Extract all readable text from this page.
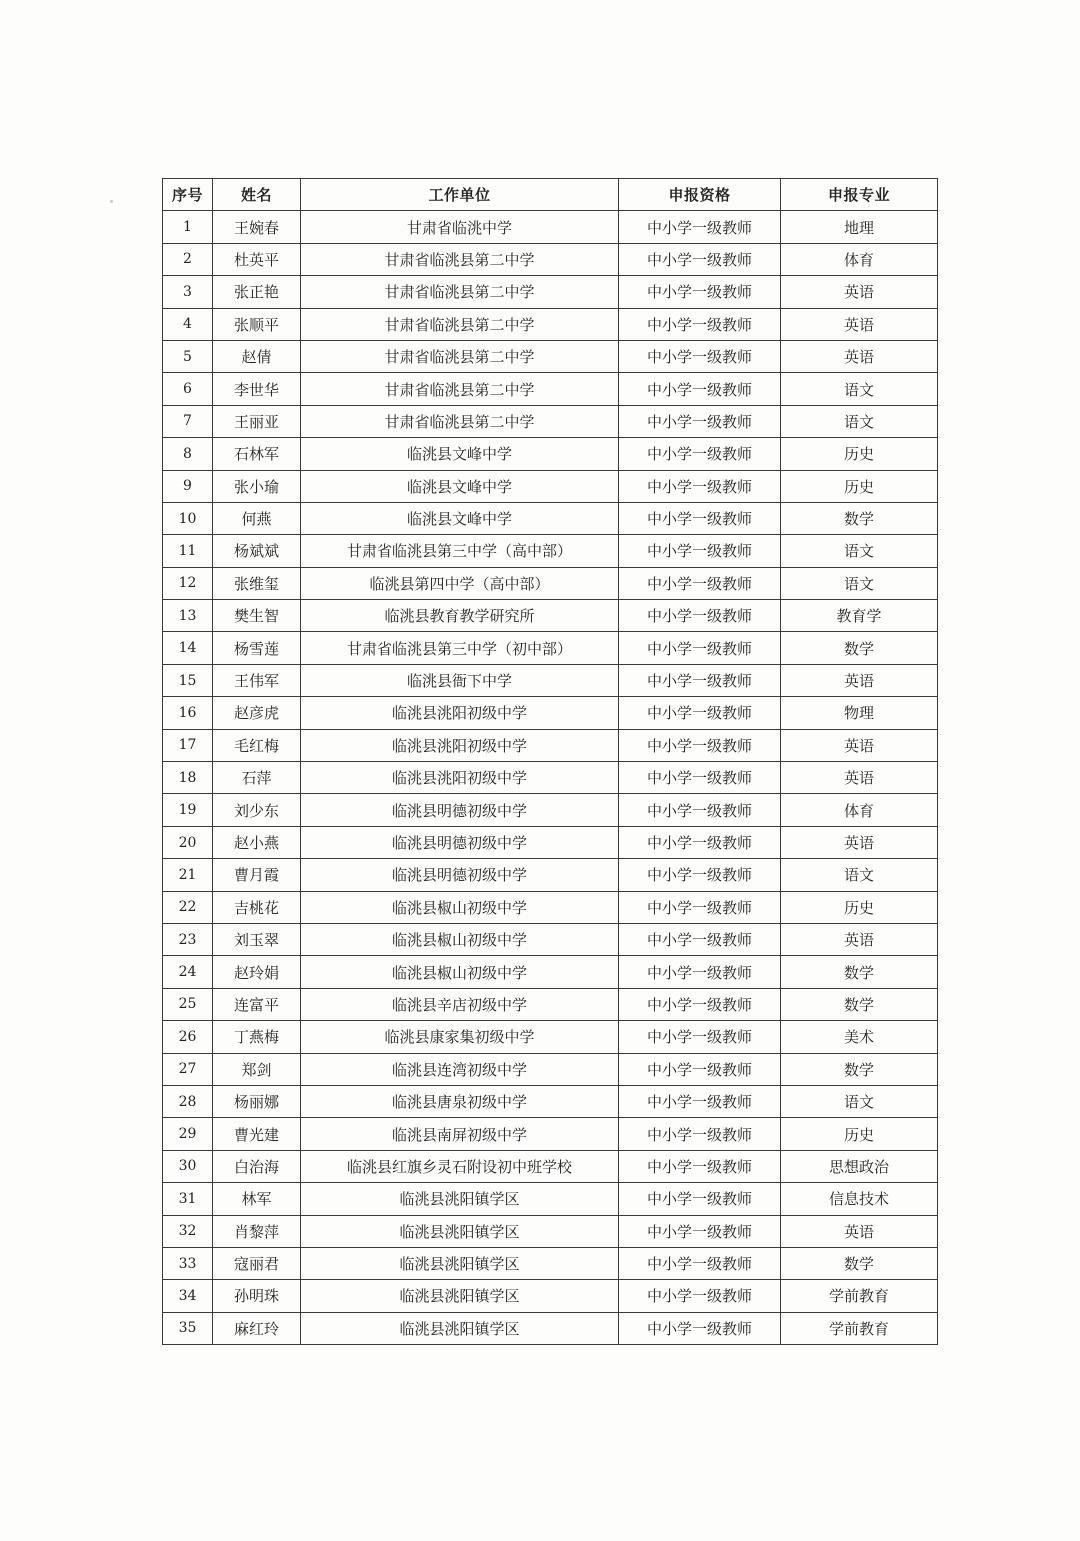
序号	姓名	工作单位	申报资格	申报专业
1	王婉春	甘肃省临洮中学	中小学一级教师	地理
2	杜英平	甘肃省临洮县第二中学	中小学一级教师	体育
3	张正艳	甘肃省临洮县第二中学	中小学一级教师	英语
4	张顺平	甘肃省临洮县第二中学	中小学一级教师	英语
5	赵倩	甘肃省临洮县第二中学	中小学一级教师	英语
6	李世华	甘肃省临洮县第二中学	中小学一级教师	语文
7	王丽亚	甘肃省临洮县第二中学	中小学一级教师	语文
8	石林军	临洮县文峰中学	中小学一级教师	历史
9	张小瑜	临洮县文峰中学	中小学一级教师	历史
10	何燕	临洮县文峰中学	中小学一级教师	数学
11	杨斌斌	甘肃省临洮县第三中学（高中部）	中小学一级教师	语文
12	张维玺	临洮县第四中学（高中部）	中小学一级教师	语文
13	樊生智	临洮县教育教学研究所	中小学一级教师	教育学
14	杨雪莲	甘肃省临洮县第三中学（初中部）	中小学一级教师	数学
15	王伟军	临洮县衙下中学	中小学一级教师	英语
16	赵彦虎	临洮县洮阳初级中学	中小学一级教师	物理
17	毛红梅	临洮县洮阳初级中学	中小学一级教师	英语
18	石萍	临洮县洮阳初级中学	中小学一级教师	英语
19	刘少东	临洮县明德初级中学	中小学一级教师	体育
20	赵小燕	临洮县明德初级中学	中小学一级教师	英语
21	曹月霞	临洮县明德初级中学	中小学一级教师	语文
22	吉桃花	临洮县椒山初级中学	中小学一级教师	历史
23	刘玉翠	临洮县椒山初级中学	中小学一级教师	英语
24	赵玲娟	临洮县椒山初级中学	中小学一级教师	数学
25	连富平	临洮县辛店初级中学	中小学一级教师	数学
26	丁燕梅	临洮县康家集初级中学	中小学一级教师	美术
27	郑剑	临洮县连湾初级中学	中小学一级教师	数学
28	杨丽娜	临洮县唐泉初级中学	中小学一级教师	语文
29	曹光建	临洮县南屏初级中学	中小学一级教师	历史
30	白治海	临洮县红旗乡灵石附设初中班学校	中小学一级教师	思想政治
31	林军	临洮县洮阳镇学区	中小学一级教师	信息技术
32	肖黎萍	临洮县洮阳镇学区	中小学一级教师	英语
33	寇丽君	临洮县洮阳镇学区	中小学一级教师	数学
34	孙明珠	临洮县洮阳镇学区	中小学一级教师	学前教育
35	麻红玲	临洮县洮阳镇学区	中小学一级教师	学前教育
